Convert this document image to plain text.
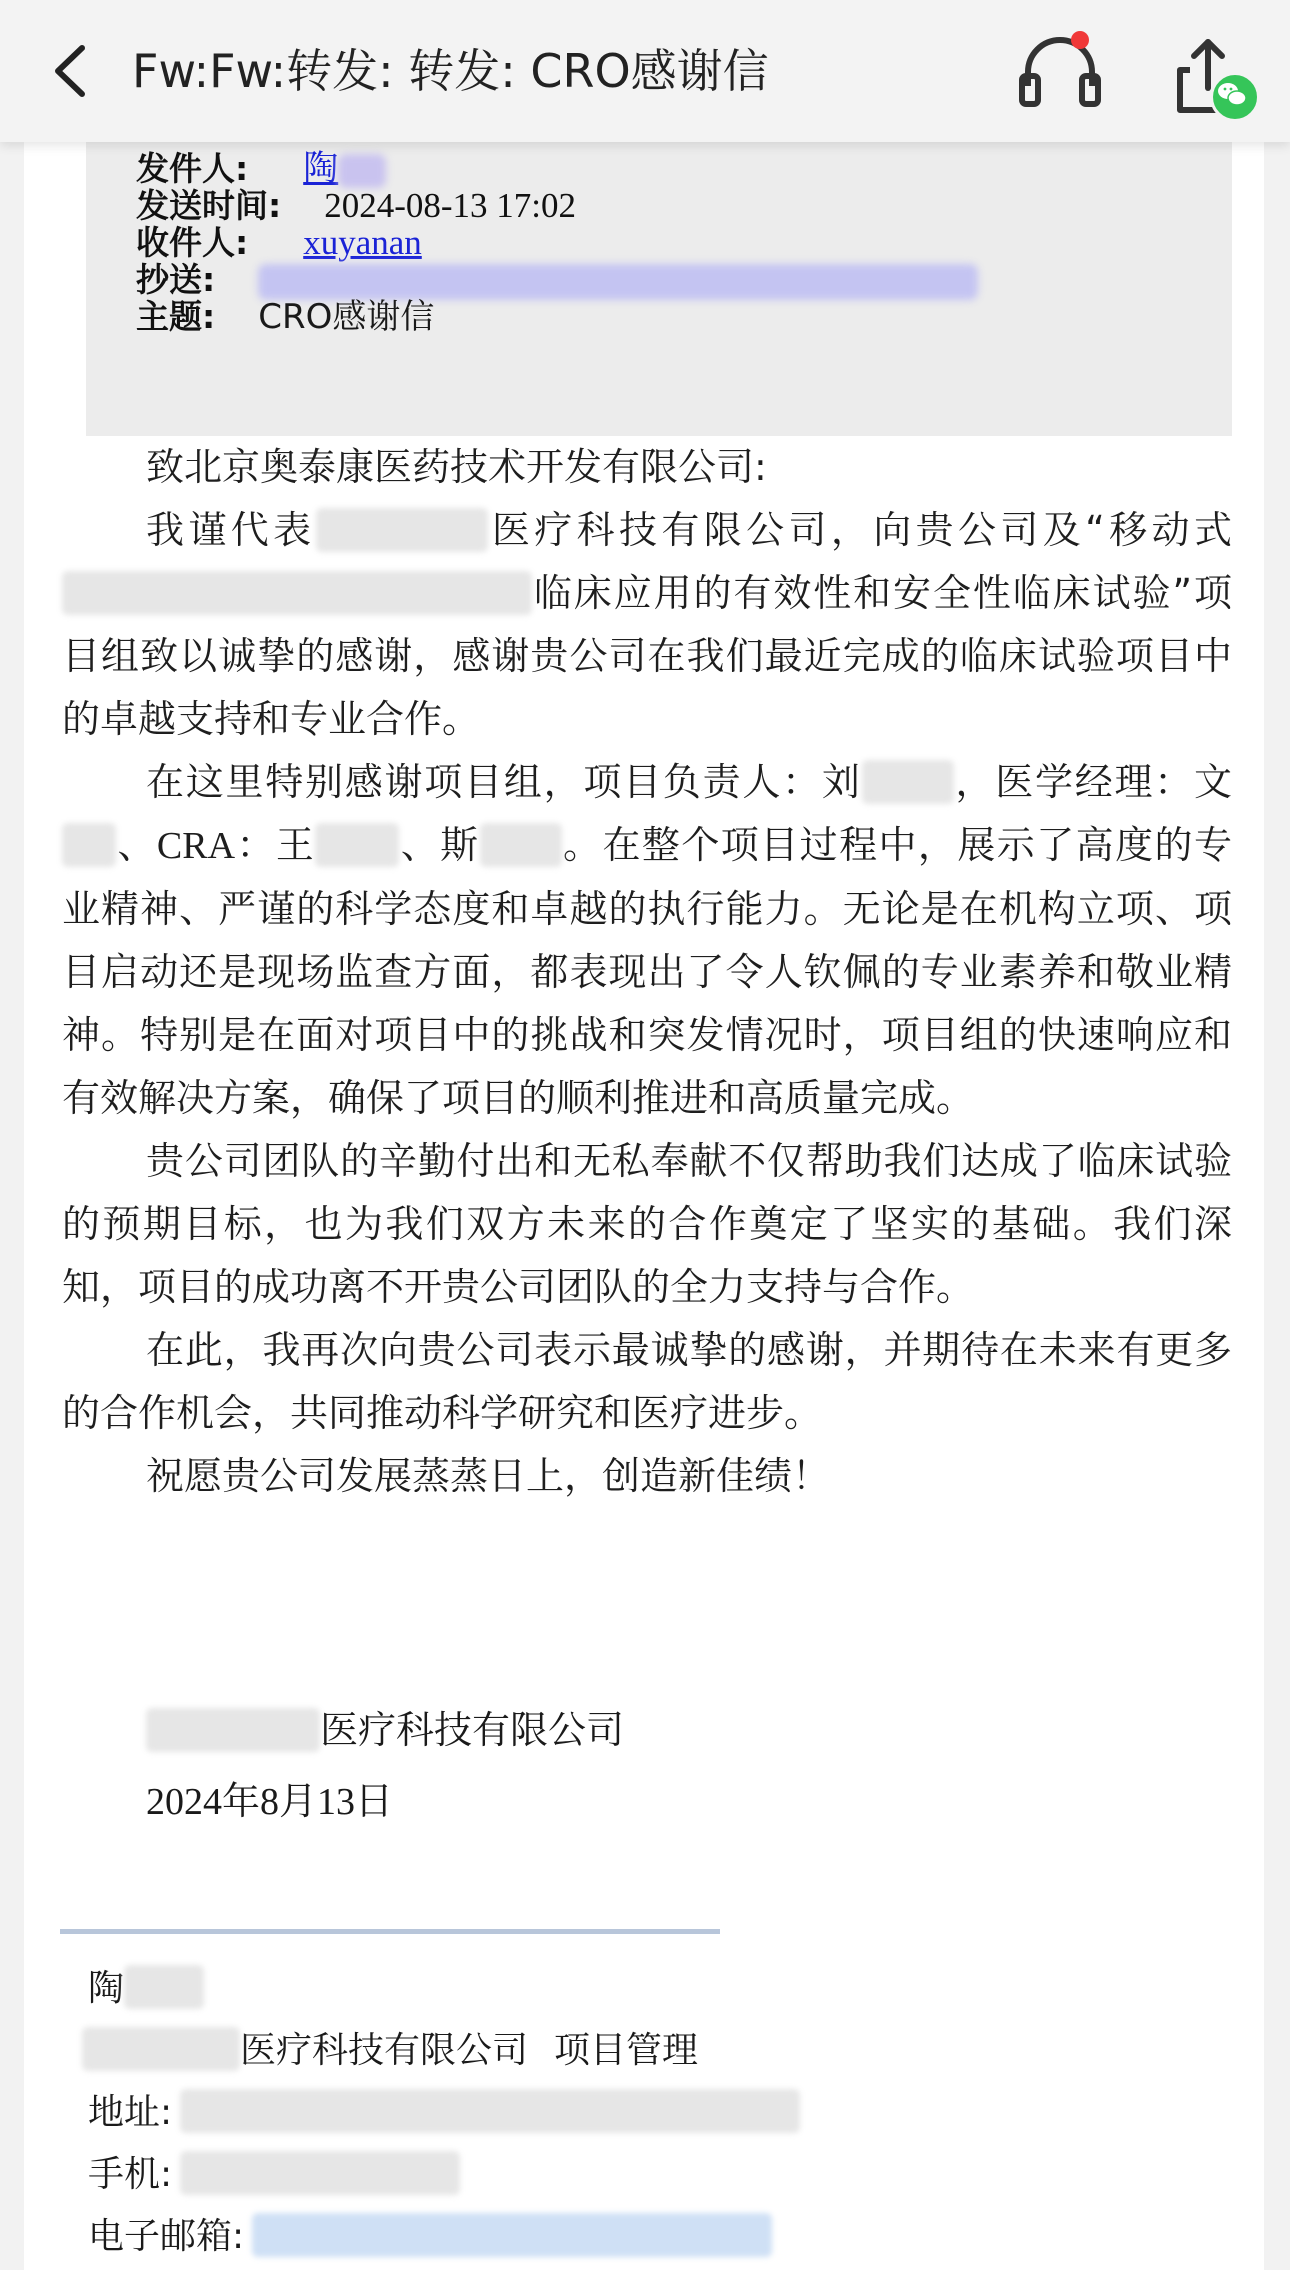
Fw:Fw:转发: 转发: CRO感谢信
发件人: 陶
发送时间: 2024-08-13 17:02
收件人: xuyanan
抄送:
主题: CRO感谢信

致北京奥泰康医药技术开发有限公司:

我谨代表	医疗科技有限公司，向贵公司及“移动式临床应用的有效性和安全性临床试验”项目组致以诚挚的感谢，感谢贵公司在我们最近完成的临床试验项目中的卓越支持和专业合作。

在这里特别感谢项目组，项目负责人：刘 ，医学经理：文、CRA：王 、斯 。在整个项目过程中，展示了高度的专业精神、严谨的科学态度和卓越的执行能力。无论是在机构立项、项目启动还是现场监查方面，都表现出了令人钦佩的专业素养和敬业精神。特别是在面对项目中的挑战和突发情况时，项目组的快速响应和有效解决方案，确保了项目的顺利推进和高质量完成。

贵公司团队的辛勤付出和无私奉献不仅帮助我们达成了临床试验的预期目标，也为我们双方未来的合作奠定了坚实的基础。我们深知，项目的成功离不开贵公司团队的全力支持与合作。

在此，我再次向贵公司表示最诚挚的感谢，并期待在未来有更多的合作机会，共同推动科学研究和医疗进步。

祝愿贵公司发展蒸蒸日上，创造新佳绩！

医疗科技有限公司
2024年8月13日
陶
医疗科技有限公司 项目管理
地址:
手机:
电子邮箱:
